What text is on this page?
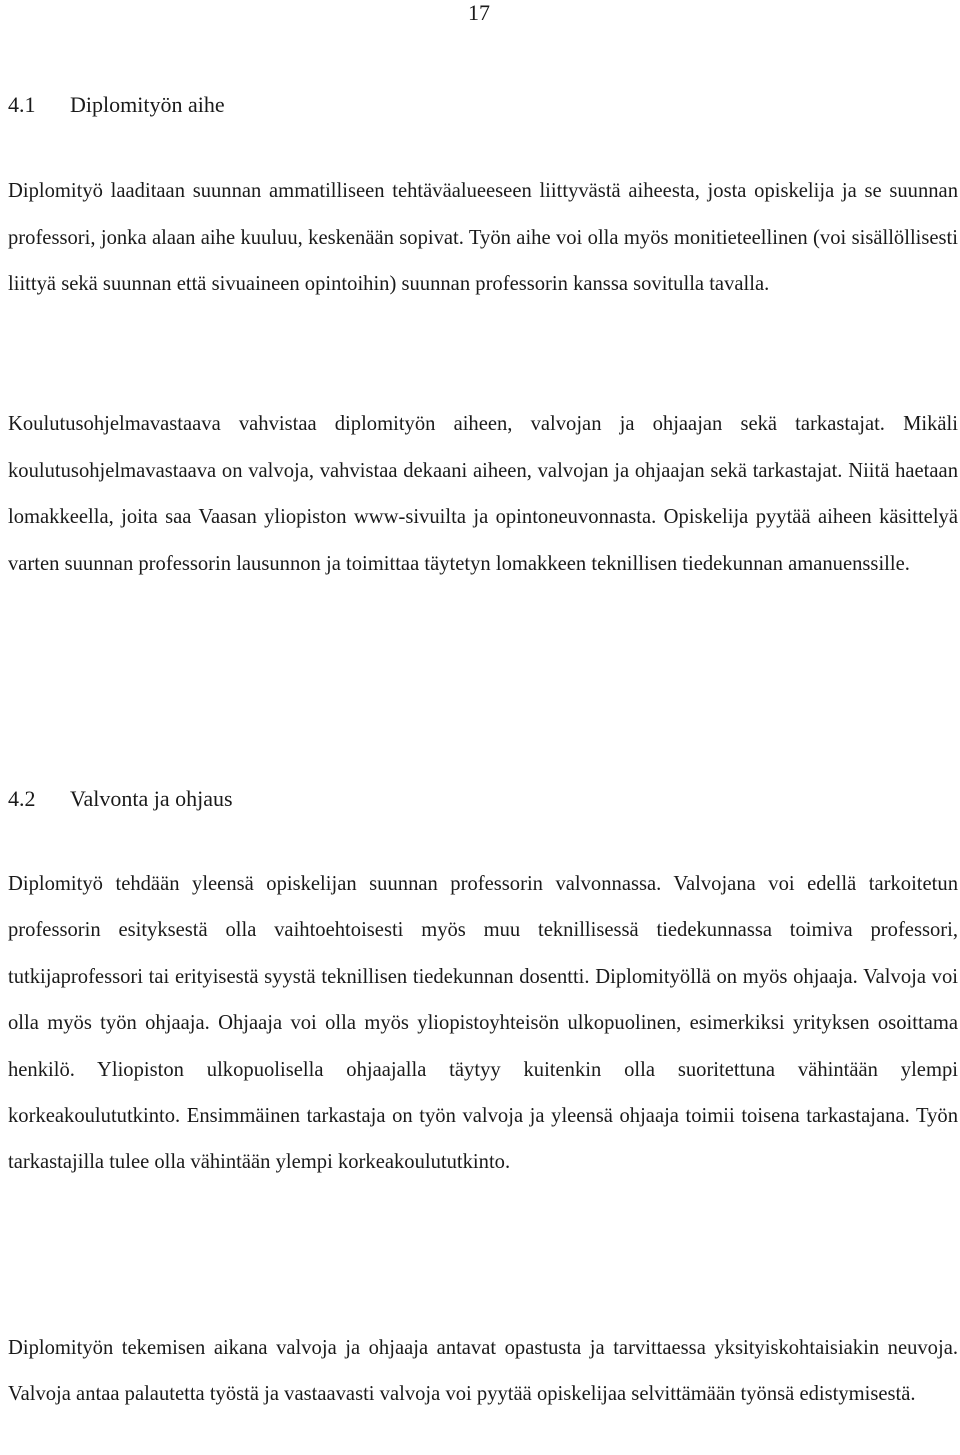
17
4.1 Diplomityön aihe

Diplomityö laaditaan suunnan ammatilliseen tehtäväalueeseen liittyvästä aiheesta, josta opiskelija ja se suunnan professori, jonka alaan aihe kuuluu, keskenään sopivat. Työn aihe voi olla myös monitieteellinen (voi sisällöllisesti liittyä sekä suunnan että sivuaineen opintoihin) suunnan professorin kanssa sovitulla tavalla.

Koulutusohjelmavastaava vahvistaa diplomityön aiheen, valvojan ja ohjaajan sekä tarkastajat. Mikäli koulutusohjelmavastaava on valvoja, vahvistaa dekaani aiheen, valvojan ja ohjaajan sekä tarkastajat. Niitä haetaan lomakkeella, joita saa Vaasan yliopiston www-sivuilta ja opintoneuvonnasta. Opiskelija pyytää aiheen käsittelyä varten suunnan professorin lausunnon ja toimittaa täytetyn lomakkeen teknillisen tiedekunnan amanuenssille.

4.2 Valvonta ja ohjaus

Diplomityö tehdään yleensä opiskelijan suunnan professorin valvonnassa. Valvojana voi edellä tarkoitetun professorin esityksestä olla vaihtoehtoisesti myös muu teknillisessä tiedekunnassa toimiva professori, tutkijaprofessori tai erityisestä syystä teknillisen tiedekunnan dosentti. Diplomityöllä on myös ohjaaja. Valvoja voi olla myös työn ohjaaja. Ohjaaja voi olla myös yliopistoyhteisön ulkopuolinen, esimerkiksi yrityksen osoittama henkilö. Yliopiston ulkopuolisella ohjaajalla täytyy kuitenkin olla suoritettuna vähintään ylempi korkeakoulututkinto. Ensimmäinen tarkastaja on työn valvoja ja yleensä ohjaaja toimii toisena tarkastajana. Työn tarkastajilla tulee olla vähintään ylempi korkeakoulututkinto.

Diplomityön tekemisen aikana valvoja ja ohjaaja antavat opastusta ja tarvittaessa yksityiskohtaisiakin neuvoja. Valvoja antaa palautetta työstä ja vastaavasti valvoja voi pyytää opiskelijaa selvittämään työnsä edistymisestä.
